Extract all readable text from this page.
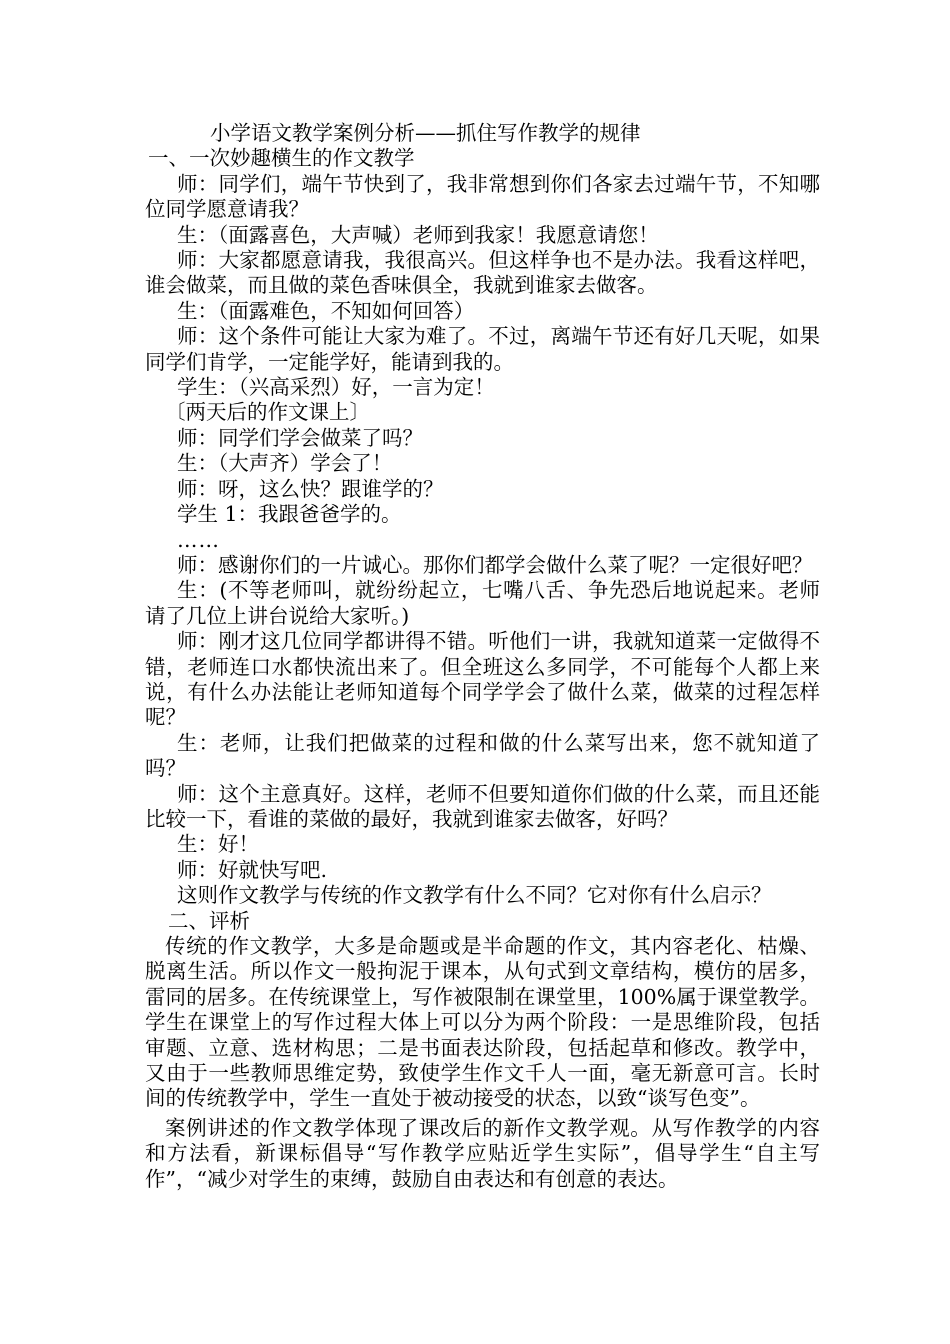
小学语文教学案例分析——抓住写作教学的规律
一、一次妙趣横生的作文教学

师：同学们，端午节快到了，我非常想到你们各家去过端午节，不知哪位同学愿意请我？

生：（面露喜色，大声喊）老师到我家！我愿意请您！

师：大家都愿意请我，我很高兴。但这样争也不是办法。我看这样吧，谁会做菜，而且做的菜色香味俱全，我就到谁家去做客。

生：（面露难色，不知如何回答）

师：这个条件可能让大家为难了。不过，离端午节还有好几天呢，如果同学们肯学，一定能学好，能请到我的。

学生：（兴高采烈）好，一言为定！

〔两天后的作文课上〕

师：同学们学会做菜了吗？

生：（大声齐）学会了！

师：呀，这么快？跟谁学的？

学生 1：我跟爸爸学的。

……

师：感谢你们的一片诚心。那你们都学会做什么菜了呢？一定很好吧？

生：(不等老师叫，就纷纷起立，七嘴八舌、争先恐后地说起来。老师请了几位上讲台说给大家听。)

师：刚才这几位同学都讲得不错。听他们一讲，我就知道菜一定做得不错，老师连口水都快流出来了。但全班这么多同学，不可能每个人都上来说，有什么办法能让老师知道每个同学学会了做什么菜，做菜的过程怎样呢？

生：老师，让我们把做菜的过程和做的什么菜写出来，您不就知道了吗？

师：这个主意真好。这样，老师不但要知道你们做的什么菜，而且还能比较一下，看谁的菜做的最好，我就到谁家去做客，好吗？

生：好！

师：好就快写吧.

这则作文教学与传统的作文教学有什么不同？它对你有什么启示？

二、评析

传统的作文教学，大多是命题或是半命题的作文，其内容老化、枯燥、脱离生活。所以作文一般拘泥于课本，从句式到文章结构，模仿的居多，雷同的居多。在传统课堂上，写作被限制在课堂里，100%属于课堂教学。学生在课堂上的写作过程大体上可以分为两个阶段：一是思维阶段，包括审题、立意、选材构思；二是书面表达阶段，包括起草和修改。教学中，又由于一些教师思维定势，致使学生作文千人一面，毫无新意可言。长时间的传统教学中，学生一直处于被动接受的状态，以致“谈写色变”。

案例讲述的作文教学体现了课改后的新作文教学观。从写作教学的内容和方法看，新课标倡导“写作教学应贴近学生实际”，倡导学生“自主写作”，“减少对学生的束缚，鼓励自由表达和有创意的表达。
